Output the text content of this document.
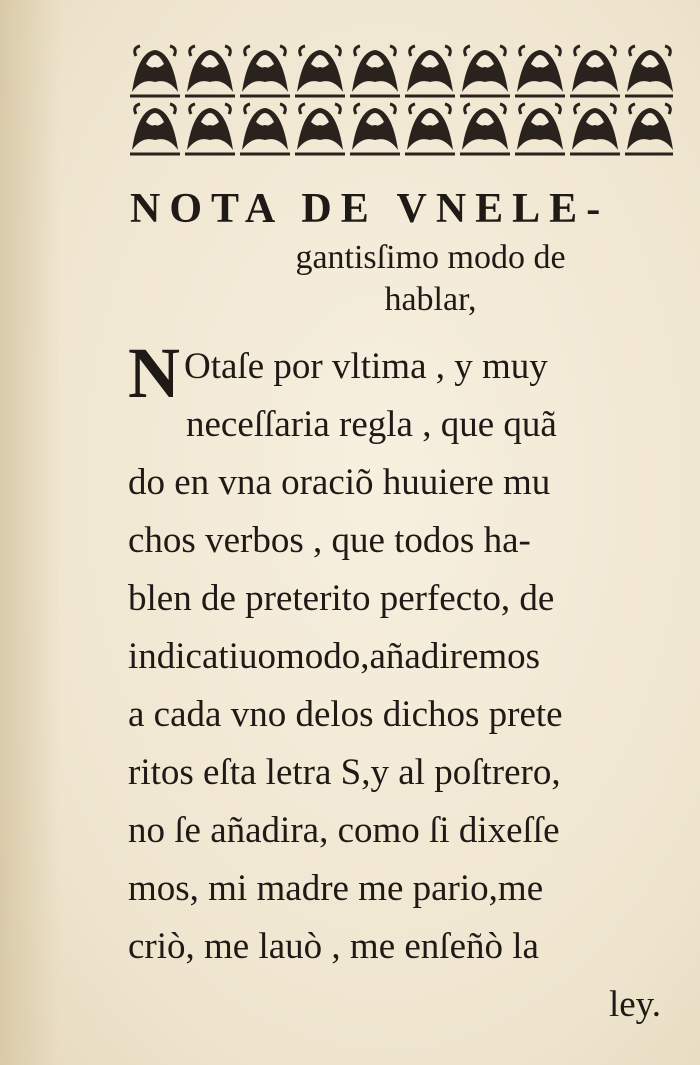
NOTA DE VNELE-
gantisſimo modo de
hablar,
N Otaſe por vltima , y muy
neceſſaria regla , que quã
do en vna oraciõ huuiere mu
chos verbos , que todos ha-
blen de preterito perfecto, de
indicatiuomodo,añadiremos
a cada vno delos dichos prete
ritos eſta letra S,y al poſtrero,
no ſe añadira, como ſi dixeſſe
mos, mi madre me pario,me
criò, me lauò , me enſeñò la
ley.
